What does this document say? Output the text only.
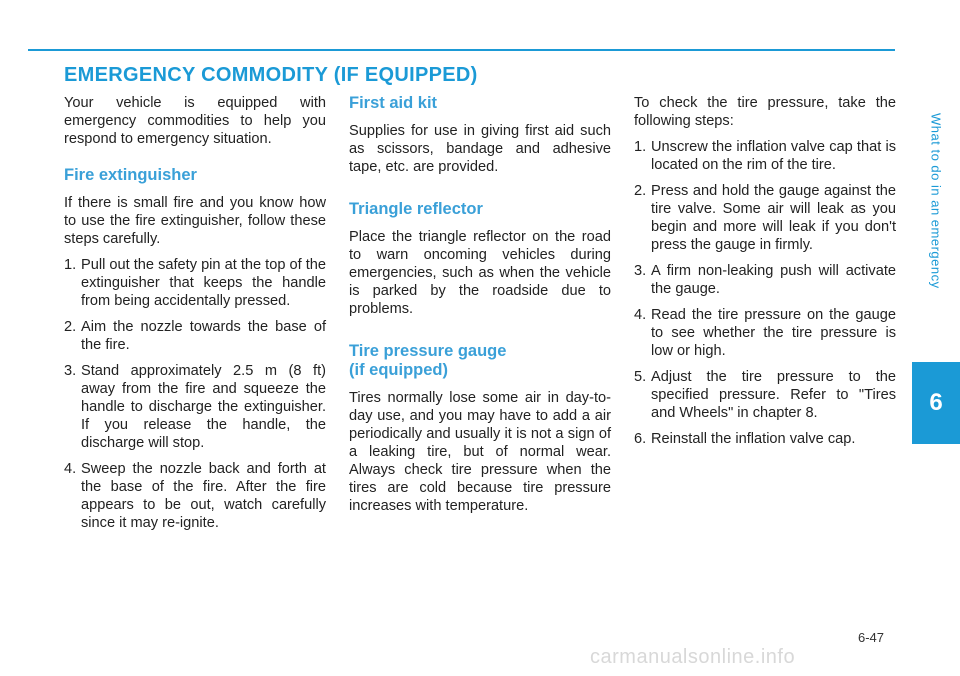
What to do in an emergency
6
EMERGENCY COMMODITY (IF EQUIPPED)

Your vehicle is equipped with emergency commodities to help you respond to emergency situation.

Fire extinguisher

If there is small fire and you know how to use the fire extinguisher, follow these steps carefully.

1. Pull out the safety pin at the top of the extinguisher that keeps the handle from being accidentally pressed.
2. Aim the nozzle towards the base of the fire.
3. Stand approximately 2.5 m (8 ft) away from the fire and squeeze the handle to discharge the extinguisher. If you release the handle, the discharge will stop.
4. Sweep the nozzle back and forth at the base of the fire. After the fire appears to be out, watch carefully since it may re-ignite.
First aid kit

Supplies for use in giving first aid such as scissors, bandage and adhesive tape, etc. are provided.

Triangle reflector

Place the triangle reflector on the road to warn oncoming vehicles during emergencies, such as when the vehicle is parked by the roadside due to problems.

Tire pressure gauge
(if equipped)

Tires normally lose some air in day-to-day use, and you may have to add a air periodically and usually it is not a sign of a leaking tire, but of normal wear. Always check tire pressure when the tires are cold because tire pressure increases with temperature.

To check the tire pressure, take the following steps:

1. Unscrew the inflation valve cap that is located on the rim of the tire.
2. Press and hold the gauge against the tire valve. Some air will leak as you begin and more will leak if you don't press the gauge in firmly.
3. A firm non-leaking push will activate the gauge.
4. Read the tire pressure on the gauge to see whether the tire pressure is low or high.
5. Adjust the tire pressure to the specified pressure. Refer to "Tires and Wheels" in chapter 8.
6. Reinstall the inflation valve cap.
6-47
carmanualsonline.info
